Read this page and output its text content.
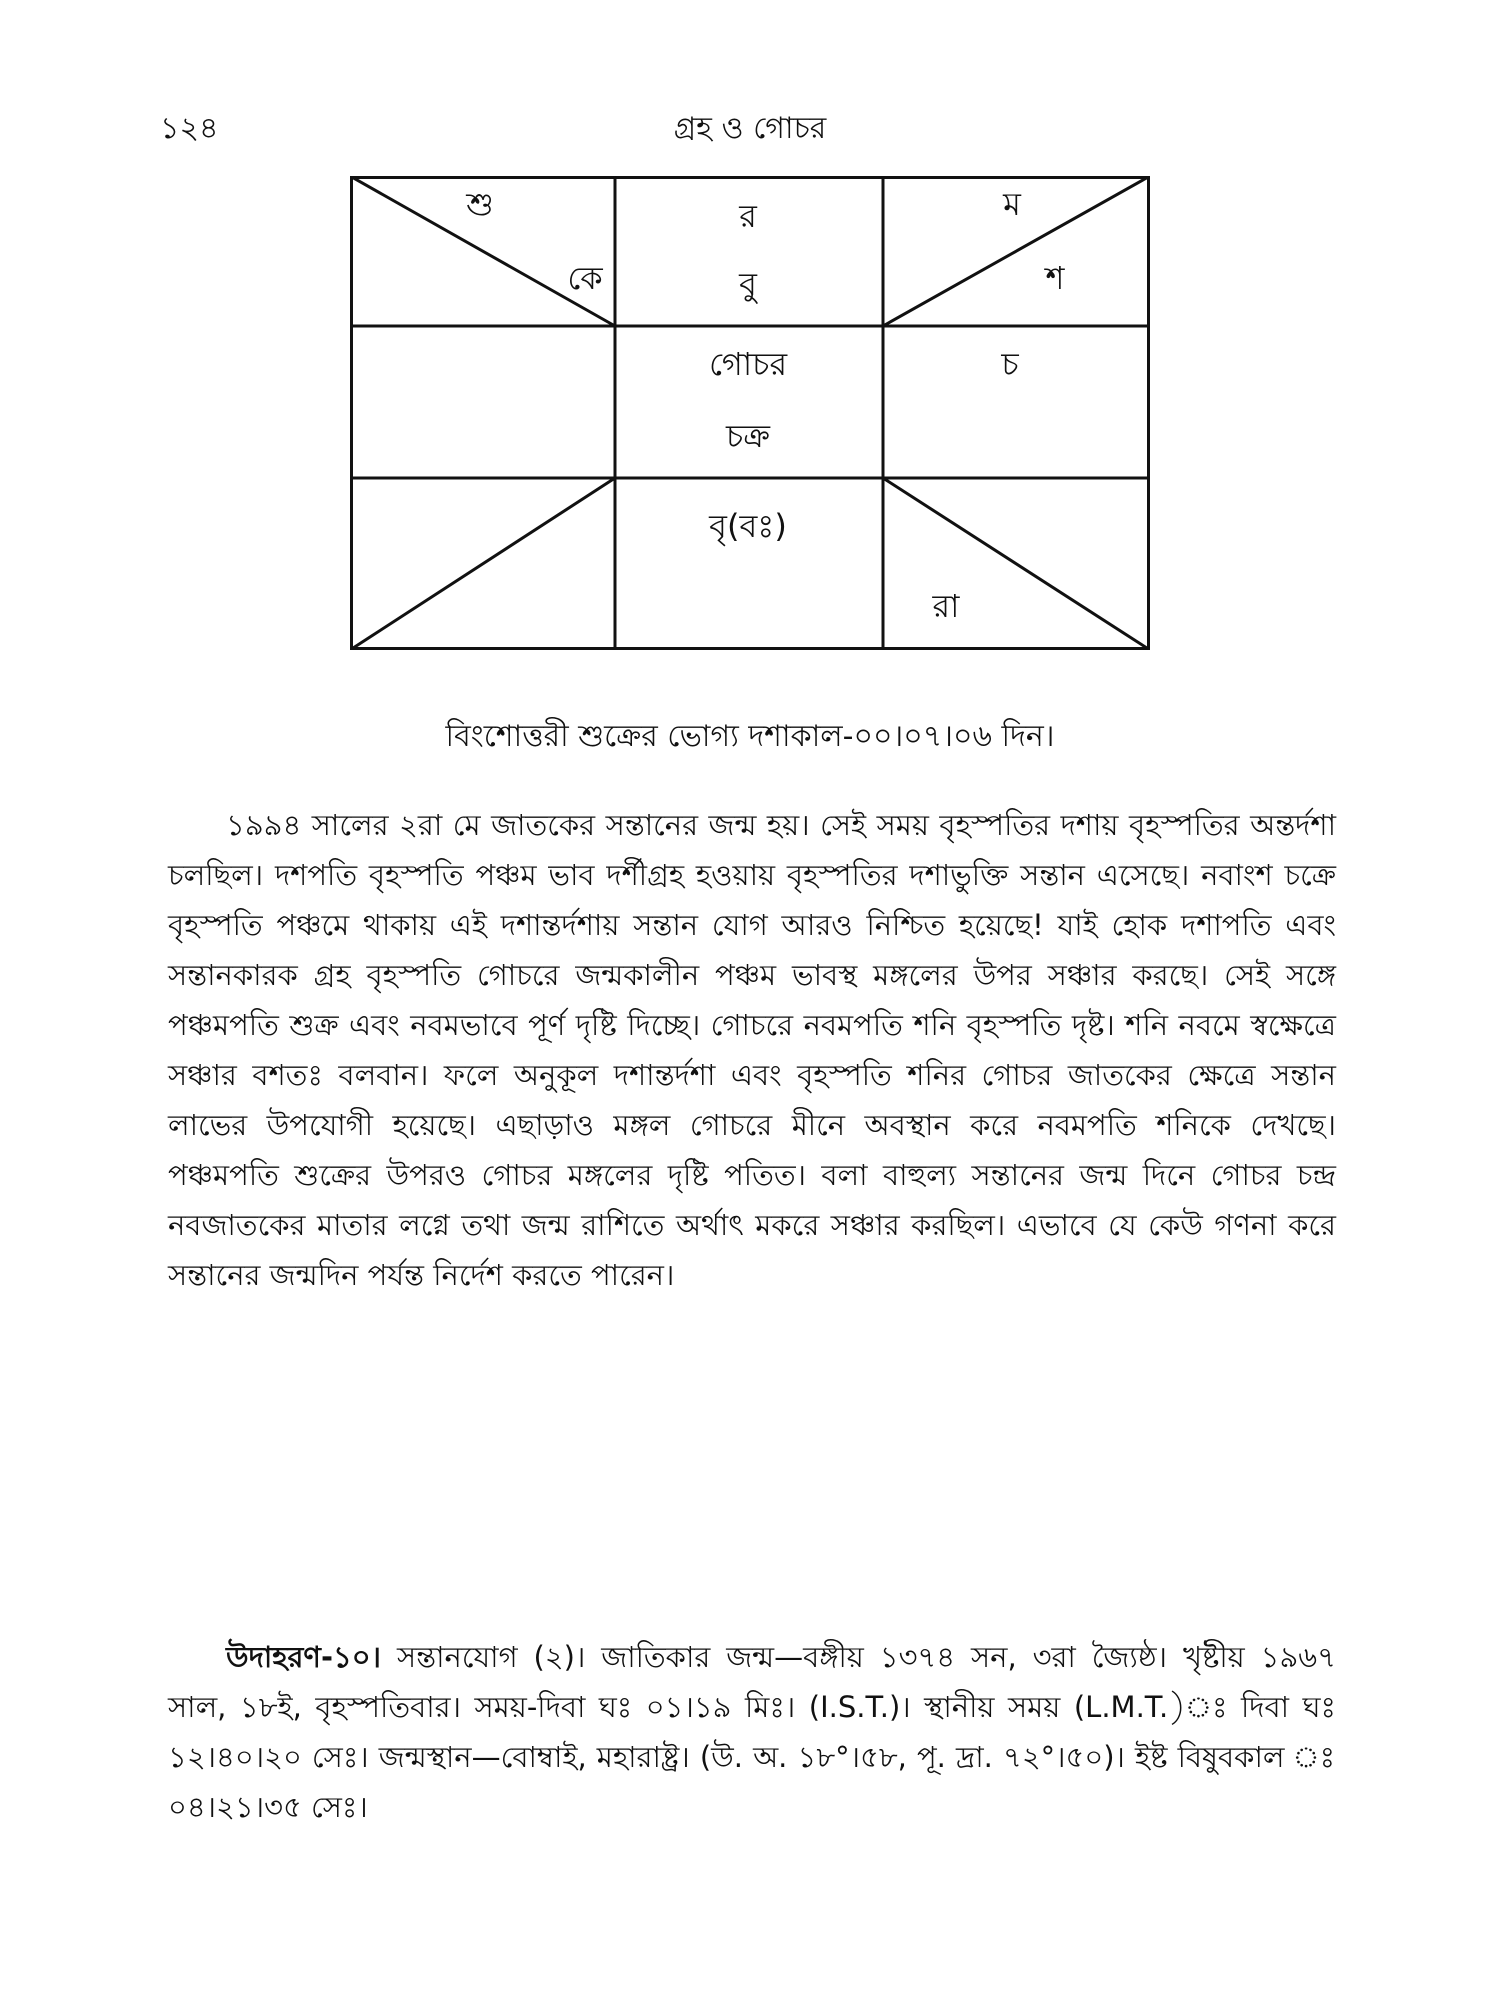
১২৪	গ্রহ ও গোচর
শু
কে
র
বু
ম
শ
গোচর
চক্র
চ
বৃ(বঃ)
রা
বিংশোত্তরী শুক্রের ভোগ্য দশাকাল-০০।০৭।০৬ দিন।

১৯৯৪ সালের ২রা মে জাতকের সন্তানের জন্ম হয়। সেই সময় বৃহস্পতির দশায় বৃহস্পতির অন্তর্দশা চলছিল। দশপতি বৃহস্পতি পঞ্চম ভাব দর্শীগ্রহ হওয়ায় বৃহস্পতির দশাভুক্তি সন্তান এসেছে। নবাংশ চক্রে বৃহস্পতি পঞ্চমে থাকায় এই দশান্তর্দশায় সন্তান যোগ আরও নিশ্চিত হয়েছে! যাই হোক দশাপতি এবং সন্তানকারক গ্রহ বৃহস্পতি গোচরে জন্মকালীন পঞ্চম ভাবস্থ মঙ্গলের উপর সঞ্চার করছে। সেই সঙ্গে পঞ্চমপতি শুক্র এবং নবমভাবে পূর্ণ দৃষ্টি দিচ্ছে। গোচরে নবমপতি শনি বৃহস্পতি দৃষ্ট। শনি নবমে স্বক্ষেত্রে সঞ্চার বশতঃ বলবান। ফলে অনুকূল দশান্তর্দশা এবং বৃহস্পতি শনির গোচর জাতকের ক্ষেত্রে সন্তান লাভের উপযোগী হয়েছে। এছাড়াও মঙ্গল গোচরে মীনে অবস্থান করে নবমপতি শনিকে দেখছে। পঞ্চমপতি শুক্রের উপরও গোচর মঙ্গলের দৃষ্টি পতিত। বলা বাহুল্য সন্তানের জন্ম দিনে গোচর চন্দ্র নবজাতকের মাতার লগ্নে তথা জন্ম রাশিতে অর্থাৎ মকরে সঞ্চার করছিল। এভাবে যে কেউ গণনা করে সন্তানের জন্মদিন পর্যন্ত নির্দেশ করতে পারেন।

উদাহরণ-১০। সন্তানযোগ (২)। জাতিকার জন্ম—বঙ্গীয় ১৩৭৪ সন, ৩রা জ্যৈষ্ঠ। খৃষ্টীয় ১৯৬৭ সাল, ১৮ই, বৃহস্পতিবার। সময়-দিবা ঘঃ ০১।১৯ মিঃ। (I.S.T.)। স্থানীয় সময় (L.M.T.)ঃ দিবা ঘঃ ১২।৪০।২০ সেঃ। জন্মস্থান—বোম্বাই, মহারাষ্ট্র। (উ. অ. ১৮°।৫৮, পূ. দ্রা. ৭২°।৫০)। ইষ্ট বিষুবকাল ঃ ০৪।২১।৩৫ সেঃ।
